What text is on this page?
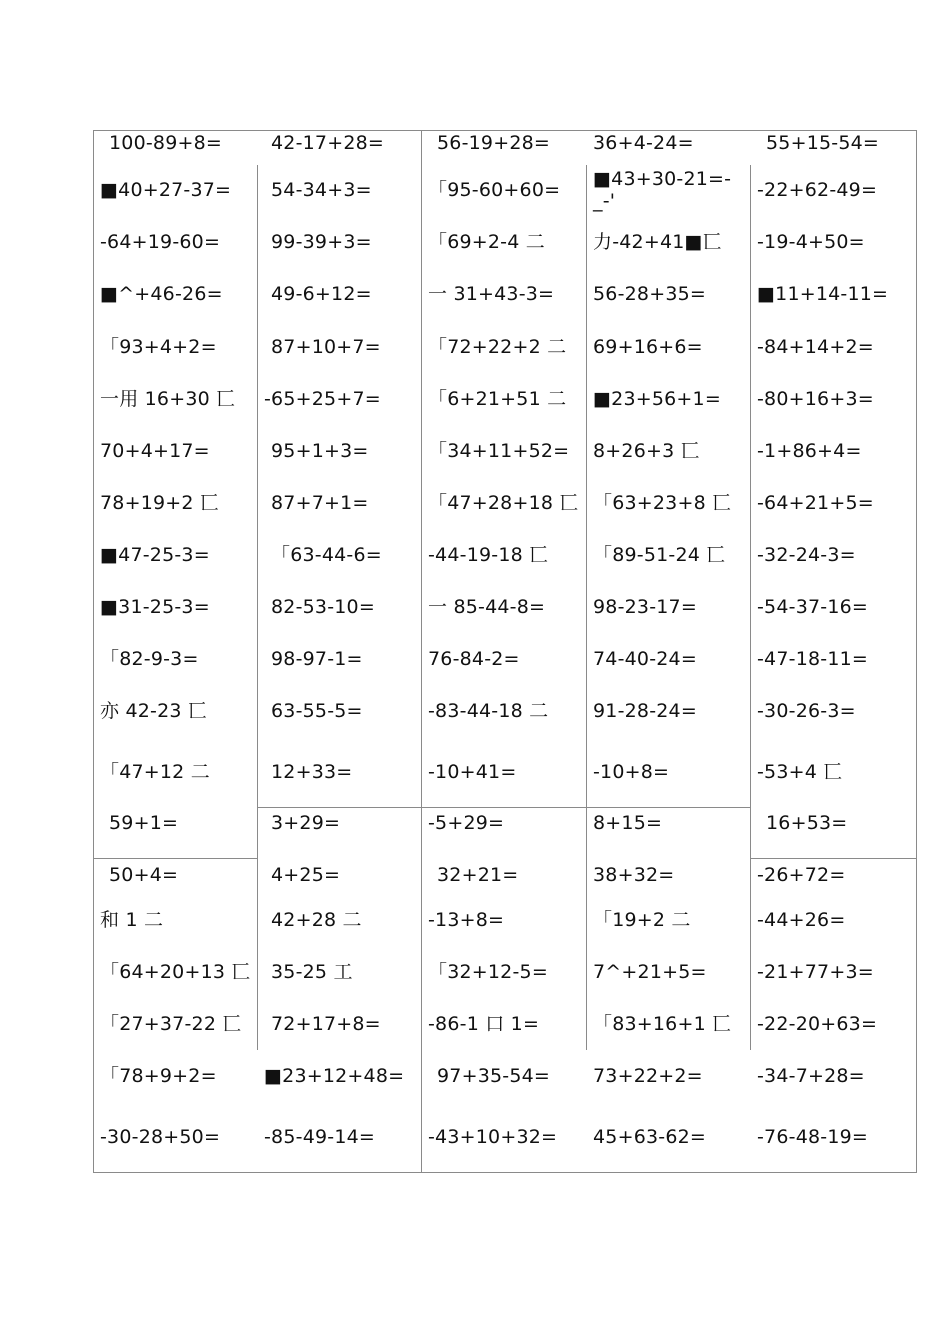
100-89+8=
■40+27-37=
-64+19-60=
■^+46-26=
「93+4+2=
一用 16+30 匸
70+4+17=
78+19+2 匸
■47-25-3=
■31-25-3=
「82-9-3=
亦 42-23 匸
「47+12 二
59+1=
50+4=
和 1 二
「64+20+13 匸
「27+37-22 匸
「78+9+2=
-30-28+50=
42-17+28=
54-34+3=
99-39+3=
49-6+12=
87+10+7=
-65+25+7=
95+1+3=
87+7+1=
「63-44-6=
82-53-10=
98-97-1=
63-55-5=
12+33=
3+29=
4+25=
42+28 二
35-25 工
72+17+8=
■23+12+48=
-85-49-14=
56-19+28=
「95-60+60=
「69+2-4 二
一 31+43-3=
「72+22+2 二
「6+21+51 二
「34+11+52=
「47+28+18 匸
-44-19-18 匸
一 85-44-8=
76-84-2=
-83-44-18 二
-10+41=
-5+29=
32+21=
-13+8=
「32+12-5=
-86-1 口 1=
97+35-54=
-43+10+32=
36+4-24=
■43+30-21=-_-'
力-42+41■匸
56-28+35=
69+16+6=
■23+56+1=
8+26+3 匸
「63+23+8 匸
「89-51-24 匸
98-23-17=
74-40-24=
91-28-24=
-10+8=
8+15=
38+32=
「19+2 二
7^+21+5=
「83+16+1 匸
73+22+2=
45+63-62=
55+15-54=
-22+62-49=
-19-4+50=
■11+14-11=
-84+14+2=
-80+16+3=
-1+86+4=
-64+21+5=
-32-24-3=
-54-37-16=
-47-18-11=
-30-26-3=
-53+4 匸
16+53=
-26+72=
-44+26=
-21+77+3=
-22-20+63=
-34-7+28=
-76-48-19=
